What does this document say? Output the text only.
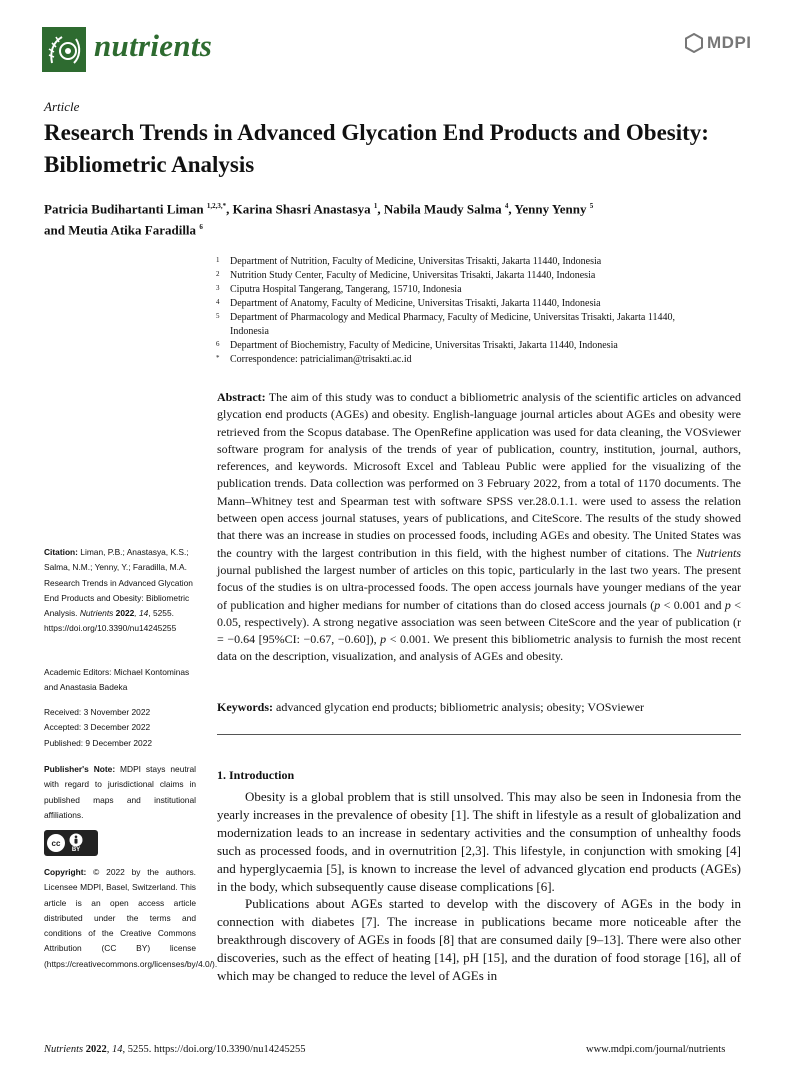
nutrients	MDPI
Article
Research Trends in Advanced Glycation End Products and Obesity: Bibliometric Analysis
Patricia Budihartanti Liman $^{1,2,3,*}$, Karina Shasri Anastasya $^1$, Nabila Maudy Salma $^4$, Yenny Yenny $^5$
and Meutia Atika Faradilla $^6$
1	Department of Nutrition, Faculty of Medicine, Universitas Trisakti, Jakarta 11440, Indonesia
2	Nutrition Study Center, Faculty of Medicine, Universitas Trisakti, Jakarta 11440, Indonesia
3	Ciputra Hospital Tangerang, Tangerang, 15710, Indonesia
4	Department of Anatomy, Faculty of Medicine, Universitas Trisakti, Jakarta 11440, Indonesia
5	Department of Pharmacology and Medical Pharmacy, Faculty of Medicine, Universitas Trisakti, Jakarta 11440, Indonesia
6	Department of Biochemistry, Faculty of Medicine, Universitas Trisakti, Jakarta 11440, Indonesia
*	Correspondence: patricialiman@trisakti.ac.id
Abstract: The aim of this study was to conduct a bibliometric analysis of the scientific articles on advanced glycation end products (AGEs) and obesity. English-language journal articles about AGEs and obesity were retrieved from the Scopus database. The OpenRefine application was used for data cleaning, the VOSviewer software program for analysis of the trends of year of publication, country, institution, journal, authors, references, and keywords. Microsoft Excel and Tableau Public were applied for the visualizing of the publication trends. Data collection was performed on 3 February 2022, from a total of 1170 documents. The Mann–Whitney test and Spearman test with software SPSS ver.28.0.1.1. were used to assess the relation between open access journal statuses, years of publications, and CiteScore. The results of the study showed that there was an increase in studies on processed foods, including AGEs and obesity. The United States was the country with the largest contribution in this field, with the highest number of citations. The Nutrients journal published the largest number of articles on this topic, particularly in the last two years. The present focus of the studies is on ultra-processed foods. The open access journals have younger medians of the year of publication and higher medians for number of citations than do closed access journals (p < 0.001 and p < 0.05, respectively). A strong negative association was seen between CiteScore and the year of publication (r = −0.64 [95%CI: −0.67, −0.60]), p < 0.001. We present this bibliometric analysis to furnish the most recent data on the description, visualization, and analysis of AGEs and obesity.
Keywords: advanced glycation end products; bibliometric analysis; obesity; VOSviewer
1. Introduction

Obesity is a global problem that is still unsolved. This may also be seen in Indonesia from the yearly increases in the prevalence of obesity [1]. The shift in lifestyle as a result of globalization and modernization leads to an increase in sedentary activities and the consumption of unhealthy foods such as processed foods, and in overnutrition [2,3]. This lifestyle, in conjunction with smoking [4] and hyperglycaemia [5], is known to increase the level of advanced glycation end products (AGEs) in the body, which subsequently cause disease complications [6].

Publications about AGEs started to develop with the discovery of AGEs in the body in connection with diabetes [7]. The increase in publications became more noticeable after the breakthrough discovery of AGEs in foods [8] that are consumed daily [9–13]. There were also other discoveries, such as the effect of heating [14], pH [15], and the duration of food storage [16], all of which may be changed to reduce the level of AGEs in

Citation: Liman, P.B.; Anastasya, K.S.; Salma, N.M.; Yenny, Y.; Faradilla, M.A. Research Trends in Advanced Glycation End Products and Obesity: Bibliometric Analysis. Nutrients 2022, 14, 5255. https://doi.org/10.3390/nu14245255
Academic Editors: Michael Kontominas and Anastasia Badeka
Received: 3 November 2022
Accepted: 3 December 2022
Published: 9 December 2022
Publisher's Note: MDPI stays neutral with regard to jurisdictional claims in published maps and institutional affiliations.
cc
BY
Copyright: © 2022 by the authors. Licensee MDPI, Basel, Switzerland. This article is an open access article distributed under the terms and conditions of the Creative Commons Attribution (CC BY) license (https://creativecommons.org/licenses/by/4.0/).
Nutrients 2022, 14, 5255. https://doi.org/10.3390/nu14245255	www.mdpi.com/journal/nutrients
